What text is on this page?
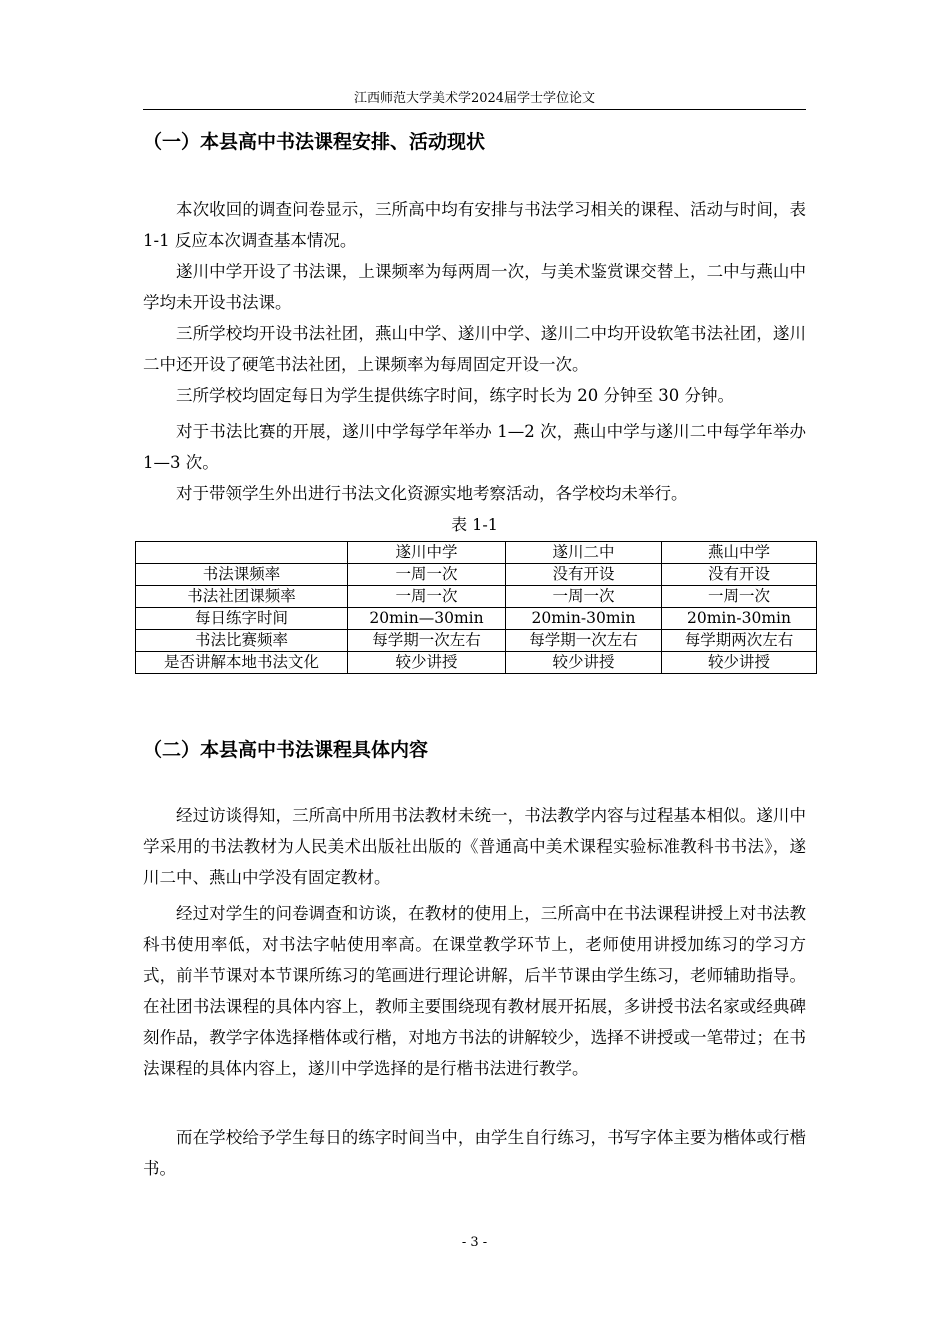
江西师范大学美术学2024届学士学位论文
（一）本县高中书法课程安排、活动现状

本次收回的调查问卷显示，三所高中均有安排与书法学习相关的课程、活动与时间，表 1-1 反应本次调查基本情况。

遂川中学开设了书法课，上课频率为每两周一次，与美术鉴赏课交替上，二中与燕山中学均未开设书法课。

三所学校均开设书法社团，燕山中学、遂川中学、遂川二中均开设软笔书法社团，遂川二中还开设了硬笔书法社团，上课频率为每周固定开设一次。

三所学校均固定每日为学生提供练字时间，练字时长为 20 分钟至 30 分钟。

对于书法比赛的开展，遂川中学每学年举办 1—2 次，燕山中学与遂川二中每学年举办 1—3 次。

对于带领学生外出进行书法文化资源实地考察活动，各学校均未举行。

表 1-1
	遂川中学	遂川二中	燕山中学
书法课频率	一周一次	没有开设	没有开设
书法社团课频率	一周一次	一周一次	一周一次
每日练字时间	20min—30min	20min-30min	20min-30min
书法比赛频率	每学期一次左右	每学期一次左右	每学期两次左右
是否讲解本地书法文化	较少讲授	较少讲授	较少讲授
（二）本县高中书法课程具体内容

经过访谈得知，三所高中所用书法教材未统一，书法教学内容与过程基本相似。遂川中学采用的书法教材为人民美术出版社出版的《普通高中美术课程实验标准教科书书法》，遂川二中、燕山中学没有固定教材。

经过对学生的问卷调查和访谈，在教材的使用上，三所高中在书法课程讲授上对书法教科书使用率低，对书法字帖使用率高。在课堂教学环节上，老师使用讲授加练习的学习方式，前半节课对本节课所练习的笔画进行理论讲解，后半节课由学生练习，老师辅助指导。在社团书法课程的具体内容上，教师主要围绕现有教材展开拓展，多讲授书法名家或经典碑刻作品，教学字体选择楷体或行楷，对地方书法的讲解较少，选择不讲授或一笔带过；在书法课程的具体内容上，遂川中学选择的是行楷书法进行教学。

而在学校给予学生每日的练字时间当中，由学生自行练习，书写字体主要为楷体或行楷书。

- 3 -
